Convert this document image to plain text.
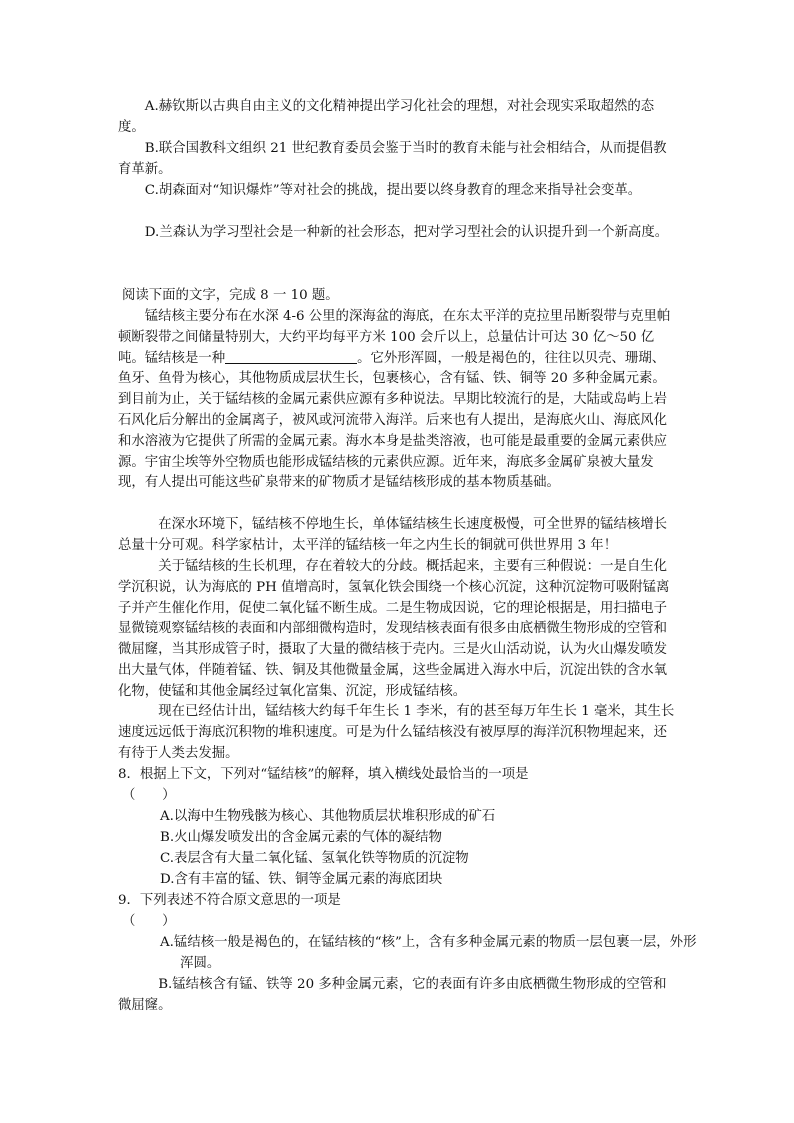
A.赫钦斯以古典自由主义的文化精神提出学习化社会的理想，对社会现实采取超然的态度。

B.联合国教科文组织 21 世纪教育委员会鉴于当时的教育未能与社会相结合，从而提倡教育革新。

C.胡森面对“知识爆炸”等对社会的挑战，提出要以终身教育的理念来指导社会变革。

D.兰森认为学习型社会是一种新的社会形态，把对学习型社会的认识提升到一个新高度。

阅读下面的文字，完成 8 一 10 题。

锰结核主要分布在水深 4-6 公里的深海盆的海底，在东太平洋的克拉里吊断裂带与克里帕顿断裂带之间储量特别大，大约平均每平方米 100 会斤以上，总量估计可达 30 亿～50 亿吨。锰结核是一种	。它外形浑圆，一般是褐色的，往往以贝壳、珊瑚、鱼牙、鱼骨为核心，其他物质成层状生长，包裹核心，含有锰、铁、铜等 20 多种金属元素。到目前为止，关于锰结核的金属元素供应源有多种说法。早期比较流行的是，大陆或岛屿上岩石风化后分解出的金属离子，被风或河流带入海洋。后来也有人提出，是海底火山、海底风化和水溶液为它提供了所需的金属元素。海水本身是盐类溶液，也可能是最重要的金属元素供应源。宇宙尘埃等外空物质也能形成锰结核的元素供应源。近年来，海底多金属矿泉被大量发现，有人提出可能这些矿泉带来的矿物质才是锰结核形成的基本物质基础。

在深水环境下，锰结核不停地生长，单体锰结核生长速度极慢，可全世界的锰结核增长总量十分可观。科学家枯计，太平洋的锰结核一年之内生长的铜就可供世界用 3 年！

关于锰结核的生长机理，存在着较大的分歧。概括起来，主要有三种假说：一是自生化学沉积说，认为海底的 PH 值增高时，氢氧化铁会围绕一个核心沉淀，这种沉淀物可吸附锰离子并产生催化作用，促使二氧化锰不断生成。二是生物成因说，它的理论根据是，用扫描电子显微镜观察锰结核的表面和内部细微构造时，发现结核表面有很多由底栖微生物形成的空管和微屈窿，当其形成管子时，摄取了大量的微结核于壳内。三是火山活动说，认为火山爆发喷发出大量气体，伴随着锰、铁、铜及其他微量金属，这些金属进入海水中后，沉淀出铁的含水氧化物，使锰和其他金属经过氧化富集、沉淀，形成锰结核。

现在已经估计出，锰结核大约每千年生长 1 李米，有的甚至每万年生长 1 毫米，其生长速度远远低于海底沉积物的堆积速度。可是为什么锰结核没有被厚厚的海洋沉积物埋起来，还有待于人类去发掘。

8．根据上下文，下列对“锰结核”的解释，填入横线处最恰当的一项是

（　　）

A.以海中生物残骸为核心、其他物质层状堆积形成的矿石

B.火山爆发喷发出的含金属元素的气体的凝结物

C.表层含有大量二氧化锰、氢氧化铁等物质的沉淀物

D.含有丰富的锰、铁、铜等金属元素的海底团块

9．下列表述不符合原文意思的一项是

（　　）

A.锰结核一般是褐色的，在锰结核的“核”上，含有多种金属元素的物质一层包裹一层，外形浑圆。

B.锰结核含有锰、铁等 20 多种金属元素，它的表面有许多由底栖微生物形成的空管和微屈窿。
